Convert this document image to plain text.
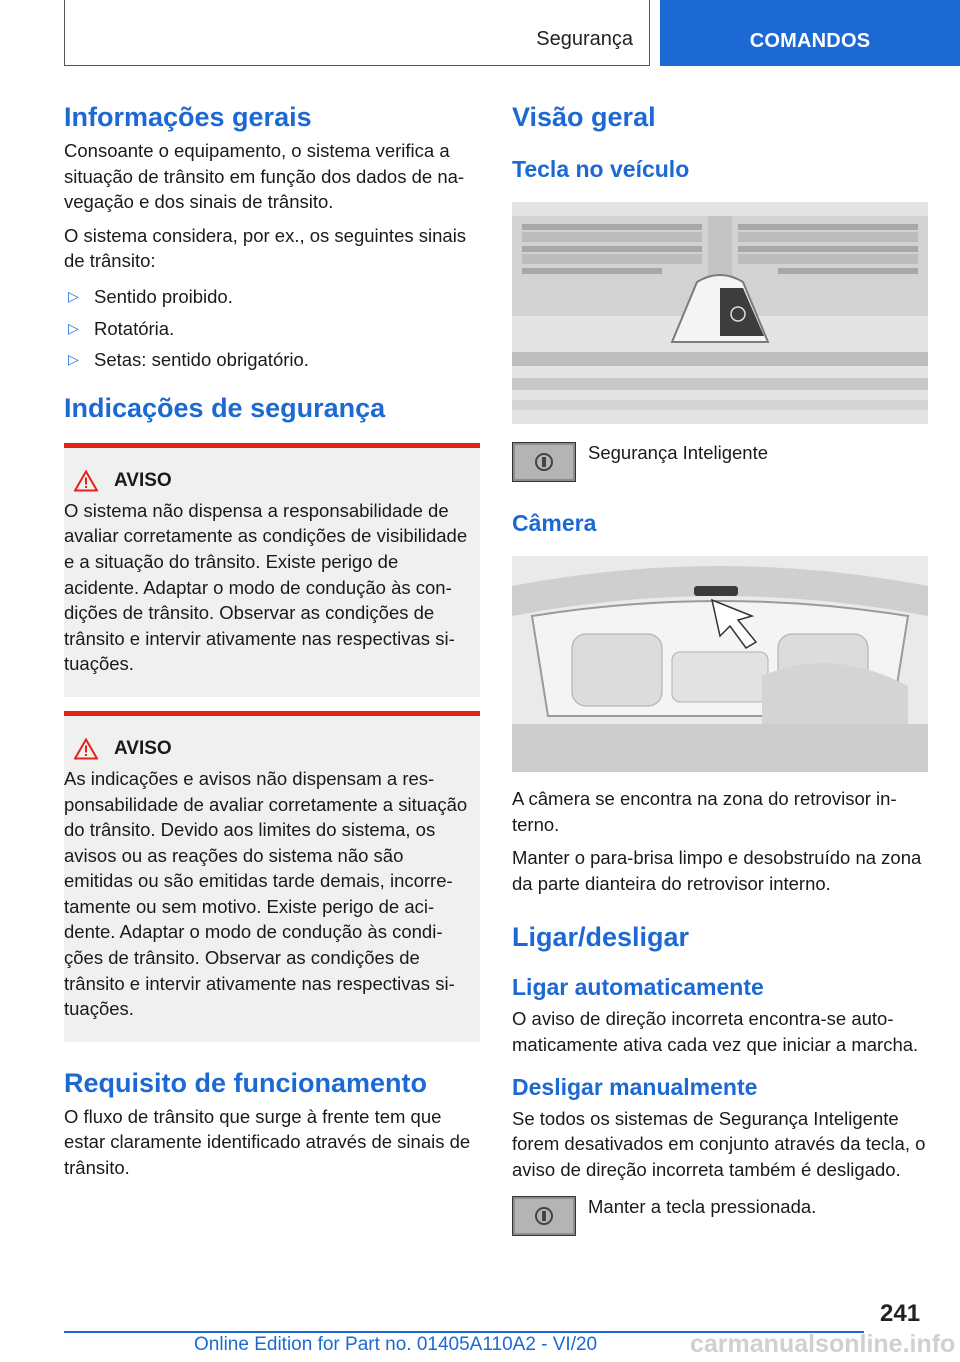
Segurança	COMANDOS
Informações gerais

Consoante o equipamento, o sistema verifica a situação de trânsito em função dos dados de navegação e dos sinais de trânsito.

O sistema considera, por ex., os seguintes sinais de trânsito:

▷ Sentido proibido.
▷ Rotatória.
▷ Setas: sentido obrigatório.
Indicações de segurança
AVISO

O sistema não dispensa a responsabilidade de avaliar corretamente as condições de visibilidade e a situação do trânsito. Existe perigo de acidente. Adaptar o modo de condução às condições de trânsito. Observar as condições de trânsito e intervir ativamente nas respectivas situações.

AVISO

As indicações e avisos não dispensam a responsabilidade de avaliar corretamente a situação do trânsito. Devido aos limites do sistema, os avisos ou as reações do sistema não são emitidas ou são emitidas tarde demais, incorretamente ou sem motivo. Existe perigo de acidente. Adaptar o modo de condução às condições de trânsito. Observar as condições de trânsito e intervir ativamente nas respectivas situações.

Requisito de funcionamento

O fluxo de trânsito que surge à frente tem que estar claramente identificado através de sinais de trânsito.

Visão geral
Tecla no veículo
Segurança Inteligente
Câmera

A câmera se encontra na zona do retrovisor interno.

Manter o para-brisa limpo e desobstruído na zona da parte dianteira do retrovisor interno.

Ligar/desligar
Ligar automaticamente

O aviso de direção incorreta encontra-se automaticamente ativa cada vez que iniciar a marcha.

Desligar manualmente

Se todos os sistemas de Segurança Inteligente forem desativados em conjunto através da tecla, o aviso de direção incorreta também é desligado.

Manter a tecla pressionada.
241
Online Edition for Part no. 01405A110A2 - VI/20	carmanualsonline.info
